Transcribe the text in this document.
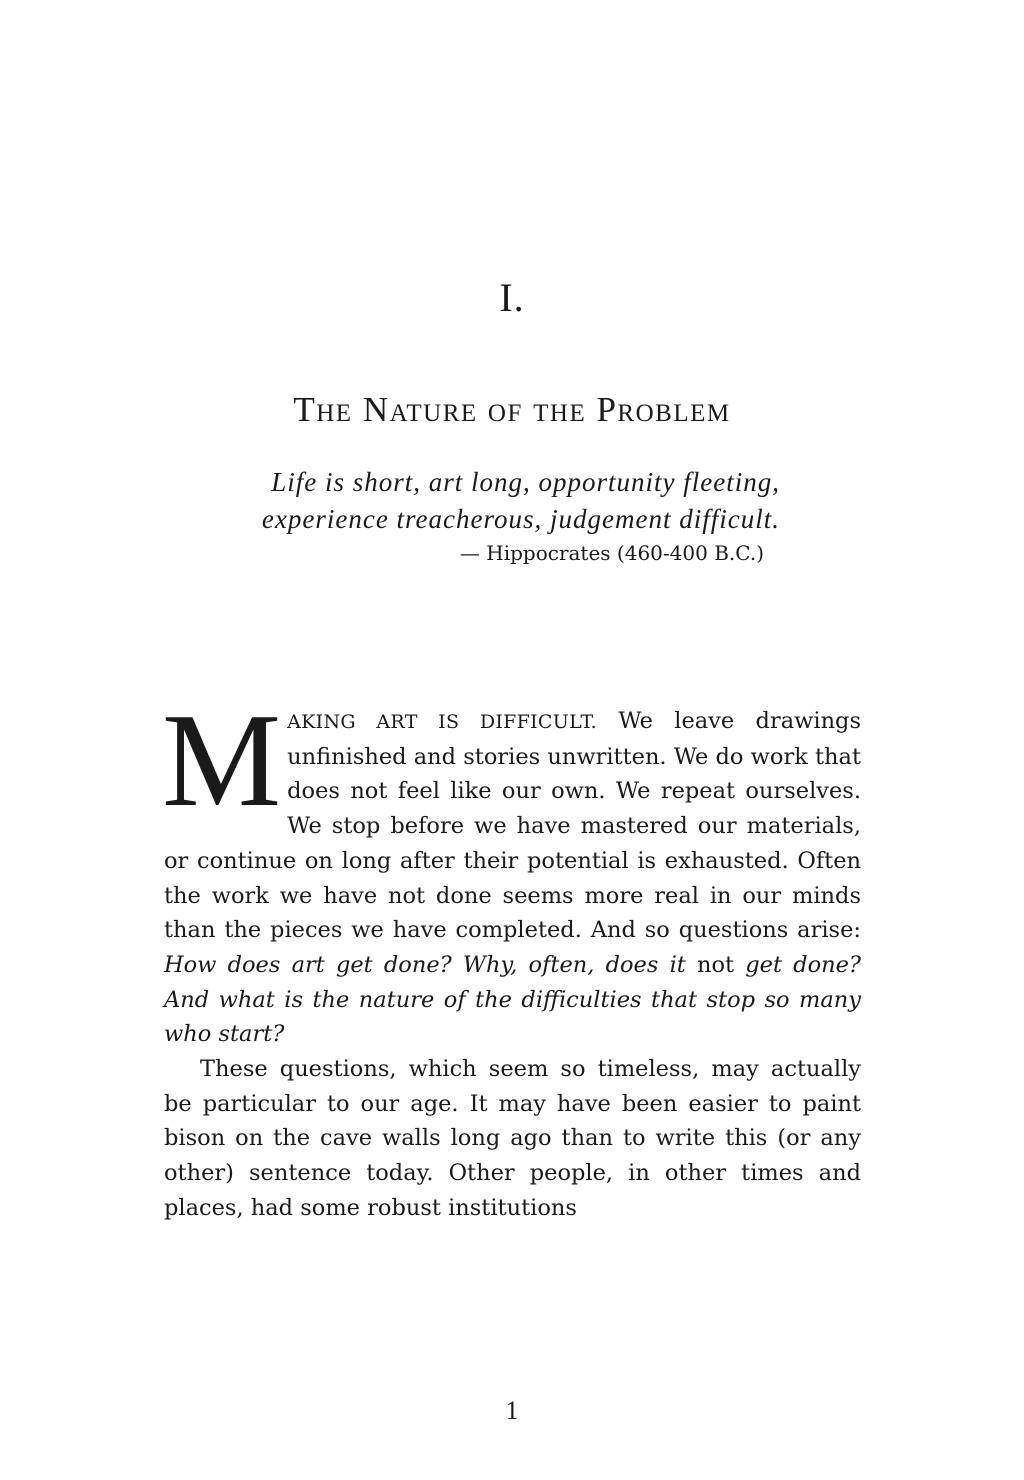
I.
The Nature of the Problem
Life is short, art long, opportunity fleeting,
experience treacherous, judgement difficult.
— Hippocrates (460-400 B.C.)

MAKING ART IS DIFFICULT. We leave drawings unfinished and stories unwritten. We do work that does not feel like our own. We repeat ourselves. We stop before we have mastered our materials, or continue on long after their potential is exhausted. Often the work we have not done seems more real in our minds than the pieces we have completed. And so questions arise: How does art get done? Why, often, does it not get done? And what is the nature of the difficulties that stop so many who start?

These questions, which seem so timeless, may actually be particular to our age. It may have been easier to paint bison on the cave walls long ago than to write this (or any other) sentence today. Other people, in other times and places, had some robust institutions

1
